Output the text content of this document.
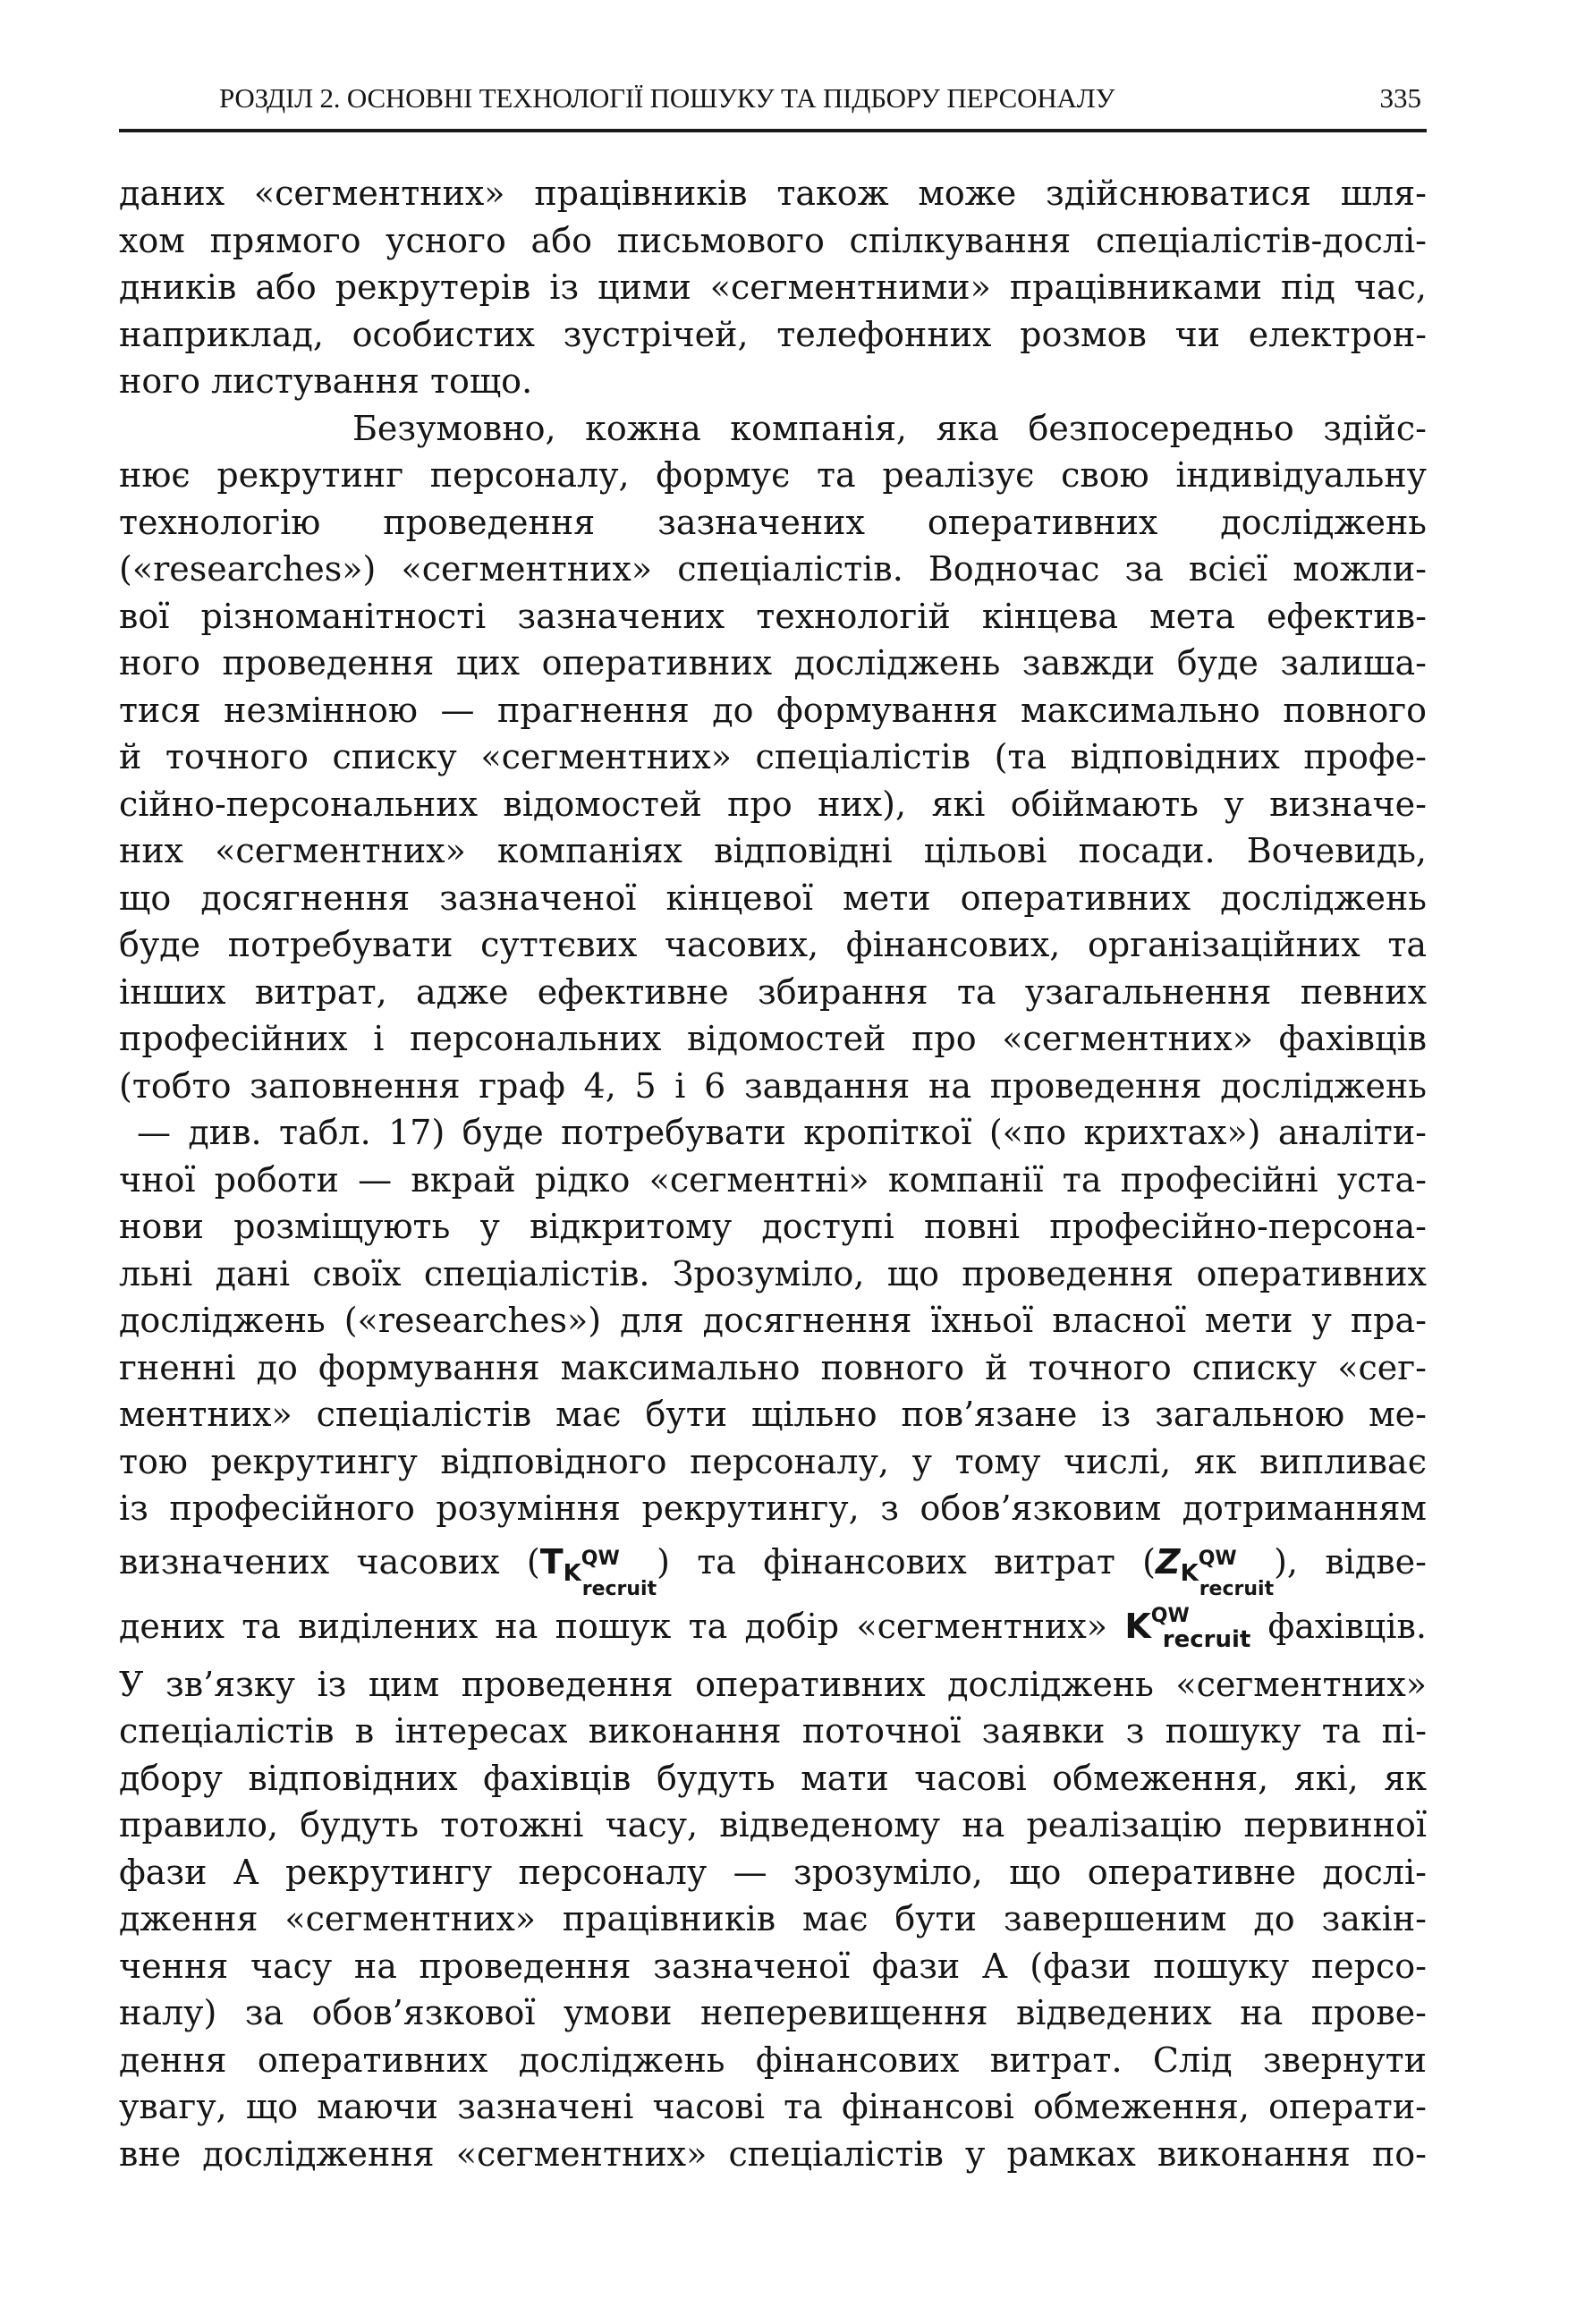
РОЗДІЛ 2. ОСНОВНІ ТЕХНОЛОГІЇ ПОШУКУ ТА ПІДБОРУ ПЕРСОНАЛУ	335
даних «сегментних» працівників також може здійснюватися шля-
хом прямого усного або письмового спілкування спеціалістів-дослі-
дників або рекрутерів із цими «сегментними» працівниками під час,
наприклад, особистих зустрічей, телефонних розмов чи електрон-
ного листування тощо.
Безумовно, кожна компанія, яка безпосередньо здійс-
нює рекрутинг персоналу, формує та реалізує свою індивідуальну
технологію проведення зазначених оперативних досліджень
(«researches») «сегментних» спеціалістів. Водночас за всієї можли-
вої різноманітності зазначених технологій кінцева мета ефектив-
ного проведення цих оперативних досліджень завжди буде залиша-
тися незмінною — прагнення до формування максимально повного
й точного списку «сегментних» спеціалістів (та відповідних профе-
сійно-персональних відомостей про них), які обіймають у визначе-
них «сегментних» компаніях відповідні цільові посади. Вочевидь,
що досягнення зазначеної кінцевої мети оперативних досліджень
буде потребувати суттєвих часових, фінансових, організаційних та
інших витрат, адже ефективне збирання та узагальнення певних
професійних і персональних відомостей про «сегментних» фахівців
(тобто заповнення граф 4, 5 і 6 завдання на проведення досліджень
— див. табл. 17) буде потребувати кропіткої («по крихтах») аналіти-
чної роботи — вкрай рідко «сегментні» компанії та професійні уста-
нови розміщують у відкритому доступі повні професійно-персона-
льні дані своїх спеціалістів. Зрозуміло, що проведення оперативних
досліджень («researches») для досягнення їхньої власної мети у пра-
гненні до формування максимально повного й точного списку «сег-
ментних» спеціалістів має бути щільно пов’язане із загальною ме-
тою рекрутингу відповідного персоналу, у тому числі, як випливає
із професійного розуміння рекрутингу, з обов’язковим дотриманням
визначених часових $(T_K^{QW}_{recruit})$ та фінансових витрат $(Z_K^{QW}_{recruit})$, відве-
дених та виділених на пошук та добір «сегментних» $K^{QW}_{recruit}$ фахівців.
У зв’язку із цим проведення оперативних досліджень «сегментних»
спеціалістів в інтересах виконання поточної заявки з пошуку та пі-
дбору відповідних фахівців будуть мати часові обмеження, які, як
правило, будуть тотожні часу, відведеному на реалізацію первинної
фази А рекрутингу персоналу — зрозуміло, що оперативне дослі-
дження «сегментних» працівників має бути завершеним до закін-
чення часу на проведення зазначеної фази А (фази пошуку персо-
налу) за обов’язкової умови неперевищення відведених на прове-
дення оперативних досліджень фінансових витрат. Слід звернути
увагу, що маючи зазначені часові та фінансові обмеження, операти-
вне дослідження «сегментних» спеціалістів у рамках виконання по-
